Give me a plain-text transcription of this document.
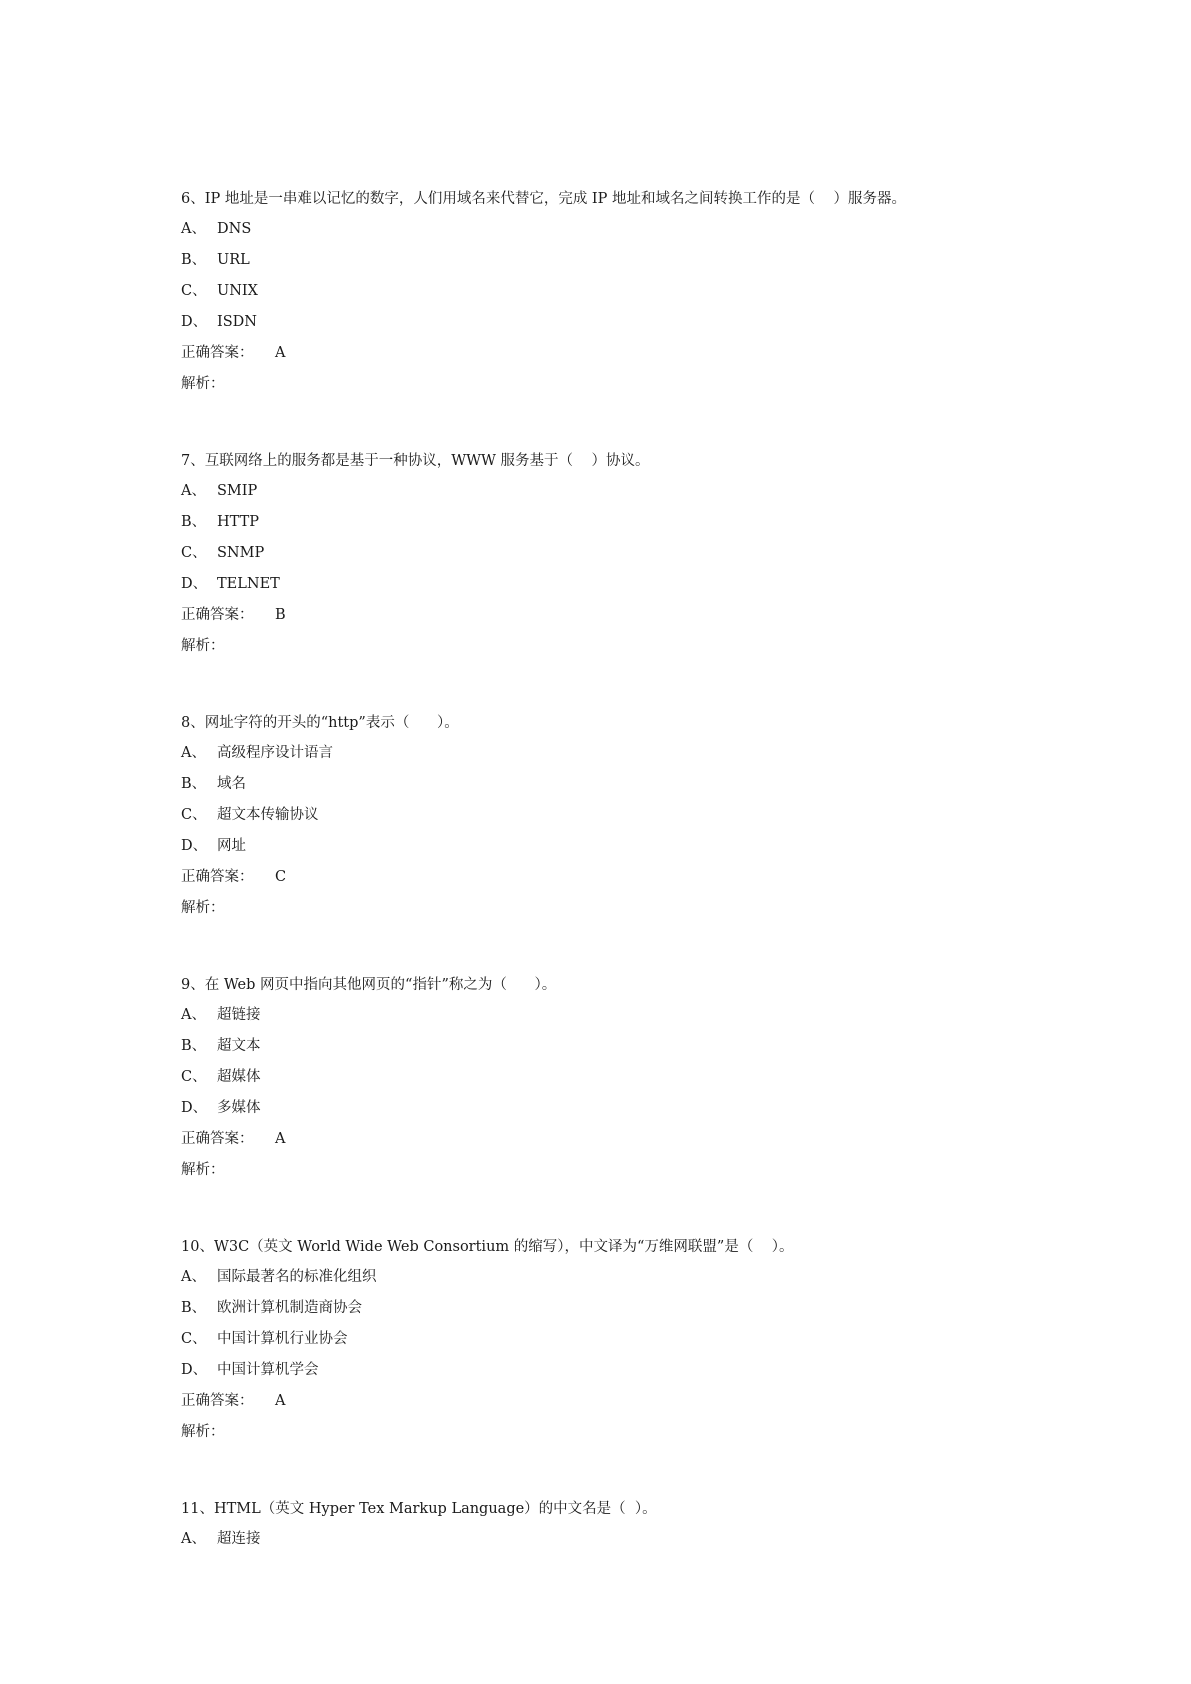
6、IP 地址是一串难以记忆的数字，人们用域名来代替它，完成 IP 地址和域名之间转换工作的是（    ）服务器。
A、 DNS
B、 URL
C、 UNIX
D、 ISDN
正确答案： A
解析：
7、互联网络上的服务都是基于一种协议，WWW 服务基于（    ）协议。
A、 SMIP
B、 HTTP
C、 SNMP
D、 TELNET
正确答案： B
解析：
8、网址字符的开头的“http”表示（      ）。
A、 高级程序设计语言
B、 域名
C、 超文本传输协议
D、 网址
正确答案： C
解析：
9、在 Web 网页中指向其他网页的“指针”称之为（      ）。
A、 超链接
B、 超文本
C、 超媒体
D、 多媒体
正确答案： A
解析：
10、W3C（英文 World Wide Web Consortium 的缩写），中文译为“万维网联盟”是（    ）。
A、 国际最著名的标准化组织
B、 欧洲计算机制造商协会
C、 中国计算机行业协会
D、 中国计算机学会
正确答案： A
解析：
11、HTML（英文 Hyper Tex Markup Language）的中文名是（  ）。
A、 超连接
